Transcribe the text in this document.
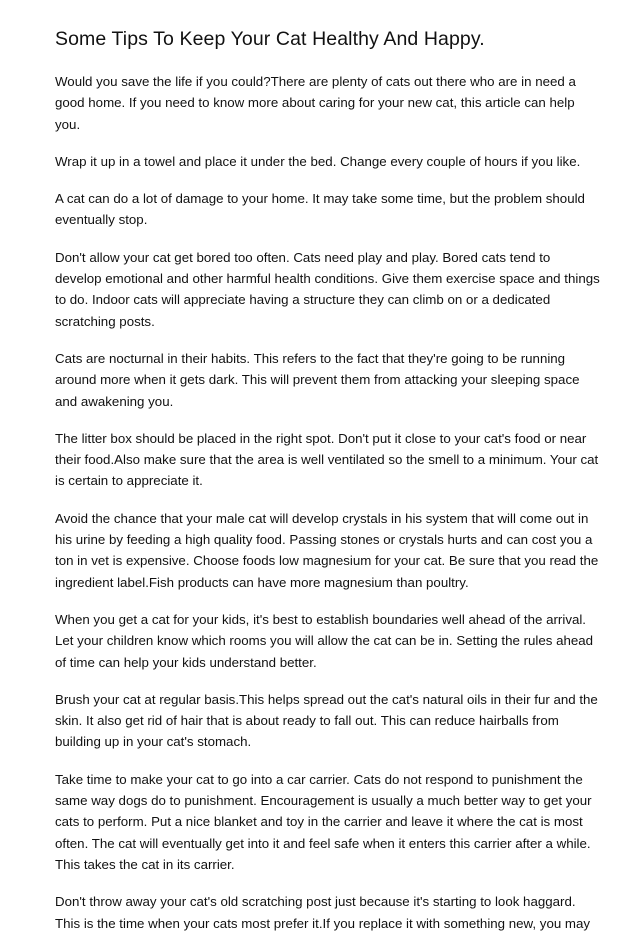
Some Tips To Keep Your Cat Healthy And Happy.

Would you save the life if you could?There are plenty of cats out there who are in need a good home. If you need to know more about caring for your new cat, this article can help you.

Wrap it up in a towel and place it under the bed. Change every couple of hours if you like.

A cat can do a lot of damage to your home. It may take some time, but the problem should eventually stop.

Don't allow your cat get bored too often. Cats need play and play. Bored cats tend to develop emotional and other harmful health conditions. Give them exercise space and things to do. Indoor cats will appreciate having a structure they can climb on or a dedicated scratching posts.

Cats are nocturnal in their habits. This refers to the fact that they're going to be running around more when it gets dark. This will prevent them from attacking your sleeping space and awakening you.

The litter box should be placed in the right spot. Don't put it close to your cat's food or near their food.Also make sure that the area is well ventilated so the smell to a minimum. Your cat is certain to appreciate it.

Avoid the chance that your male cat will develop crystals in his system that will come out in his urine by feeding a high quality food. Passing stones or crystals hurts and can cost you a ton in vet is expensive. Choose foods low magnesium for your cat. Be sure that you read the ingredient label.Fish products can have more magnesium than poultry.

When you get a cat for your kids, it's best to establish boundaries well ahead of the arrival. Let your children know which rooms you will allow the cat can be in. Setting the rules ahead of time can help your kids understand better.

Brush your cat at regular basis.This helps spread out the cat's natural oils in their fur and the skin. It also get rid of hair that is about ready to fall out. This can reduce hairballs from building up in your cat's stomach.

Take time to make your cat to go into a car carrier. Cats do not respond to punishment the same way dogs do to punishment. Encouragement is usually a much better way to get your cats to perform. Put a nice blanket and toy in the carrier and leave it where the cat is most often. The cat will eventually get into it and feel safe when it enters this carrier after a while. This takes the cat in its carrier.

Don't throw away your cat's old scratching post just because it's starting to look haggard. This is the time when your cats most prefer it.If you replace it with something new, you may
